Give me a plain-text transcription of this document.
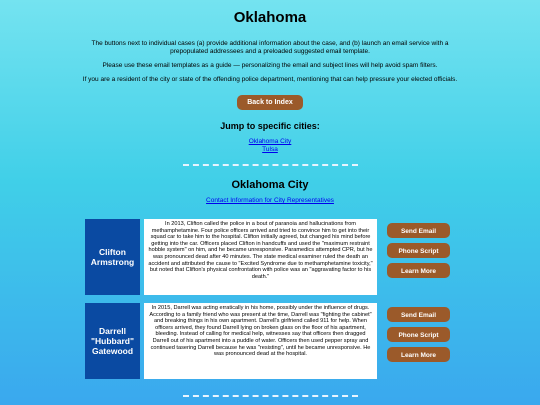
Oklahoma

The buttons next to individual cases (a) provide additional information about the case, and (b) launch an email service with a prepopulated addressees and a preloaded suggested email template.

Please use these email templates as a guide — personalizing the email and subject lines will help avoid spam filters.

If you are a resident of the city or state of the offending police department, mentioning that can help pressure your elected officials.

Back to Index
Jump to specific cities:
Oklahoma City
Tulsa
Oklahoma City
Contact Information for City Representatives
Clifton Armstrong
In 2013, Clifton called the police in a bout of paranoia and hallucinations from methamphetamine. Four police officers arrived and tried to convince him to get into their squad car to take him to the hospital. Clifton initially agreed, but changed his mind before getting into the car. Officers placed Clifton in handcuffs and used the "maximum restraint hobble system" on him, and he became unresponsive. Paramedics attempted CPR, but he was pronounced dead after 40 minutes. The state medical examiner ruled the death an accident and attributed the cause to "Excited Syndrome due to methamphetamine toxicity," but noted that Clifton's physical confrontation with police was an "aggravating factor to his death."
Send Email
Phone Script
Learn More
Darrell "Hubbard" Gatewood
In 2015, Darrell was acting erratically in his home, possibly under the influence of drugs. According to a family friend who was present at the time, Darrell was "fighting the cabinet" and breaking things in his own apartment. Darrell's girlfriend called 911 for help. When officers arrived, they found Darrell lying on broken glass on the floor of his apartment, bleeding. Instead of calling for medical help, witnesses say that officers then dragged Darrell out of his apartment into a puddle of water. Officers then used pepper spray and continued tasering Darrell because he was "resisting", until he became unresponsive. He was pronounced dead at the hospital.
Send Email
Phone Script
Learn More
